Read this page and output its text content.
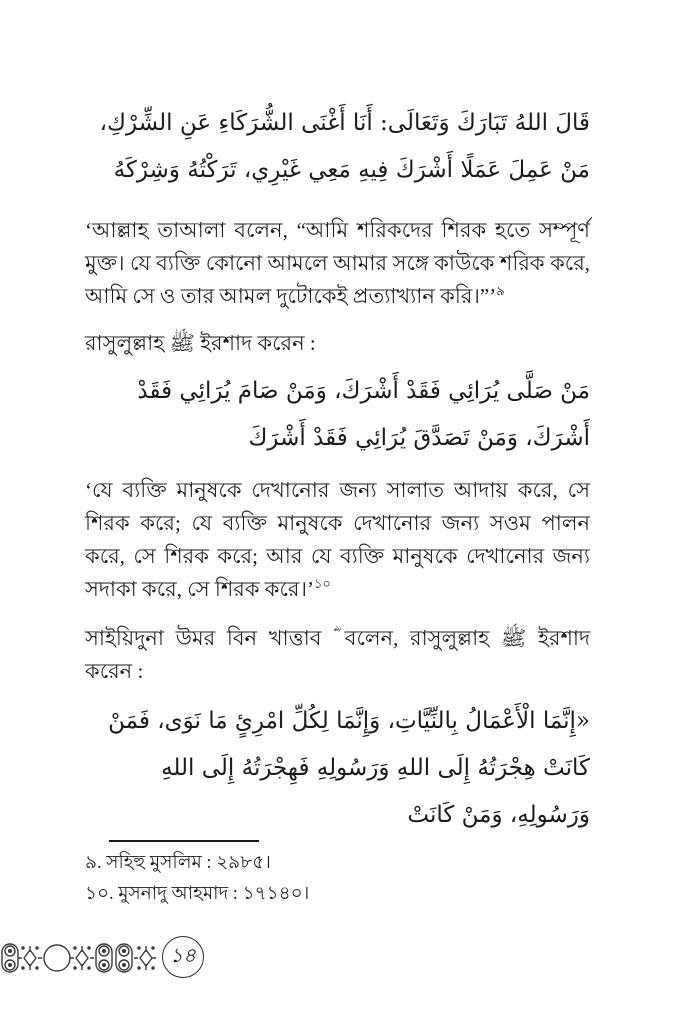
قَالَ اللهُ تَبَارَكَ وَتَعَالَى: أَنَا أَغْنَى الشُّرَكَاءِ عَنِ الشِّرْكِ، مَنْ عَمِلَ عَمَلًا أَشْرَكَ فِيهِ مَعِي غَيْرِي، تَرَكْتُهُ وَشِرْكَهُ

‘আল্লাহ তাআলা বলেন, “আমি শরিকদের শিরক হতে সম্পূর্ণ মুক্ত। যে ব্যক্তি কোনো আমলে আমার সঙ্গে কাউকে শরিক করে, আমি সে ও তার আমল দুটোকেই প্রত্যাখ্যান করি।”’$^৯$

রাসুলুল্লাহ ﷺ ইরশাদ করেন :

مَنْ صَلَّى يُرَائِي فَقَدْ أَشْرَكَ، وَمَنْ صَامَ يُرَائِي فَقَدْ أَشْرَكَ، وَمَنْ تَصَدَّقَ يُرَائِي فَقَدْ أَشْرَكَ

‘যে ব্যক্তি মানুষকে দেখানোর জন্য সালাত আদায় করে, সে শিরক করে; যে ব্যক্তি মানুষকে দেখানোর জন্য সওম পালন করে, সে শিরক করে; আর যে ব্যক্তি মানুষকে দেখানোর জন্য সদাকা করে, সে শিরক করে।’$^{১০}$

সাইয়িদুনা উমর বিন খাত্তাব ؓ বলেন, রাসুলুল্লাহ ﷺ ইরশাদ করেন :

«إِنَّمَا الْأَعْمَالُ بِالنِّيَّاتِ، وَإِنَّمَا لِكُلِّ امْرِئٍ مَا نَوَى، فَمَنْ كَانَتْ هِجْرَتُهُ إِلَى اللهِ وَرَسُولِهِ فَهِجْرَتُهُ إِلَى اللهِ وَرَسُولِهِ، وَمَنْ كَانَتْ

৯. সহিহু মুসলিম : ২৯৮৫।

১০. মুসনাদু আহমাদ : ১৭১৪০।

১৪
